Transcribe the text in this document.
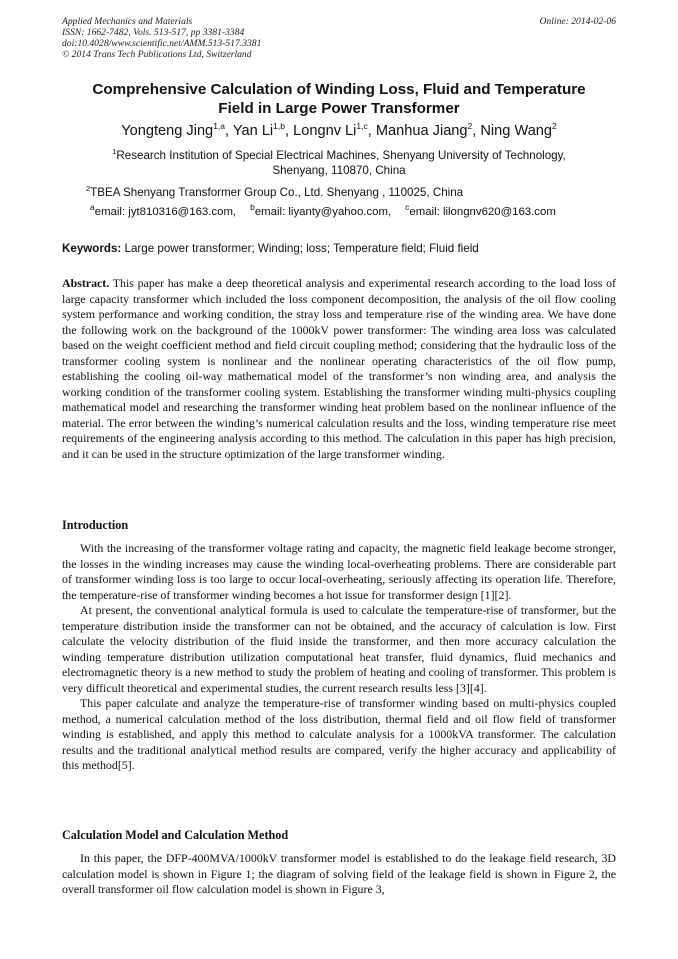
Applied Mechanics and Materials	Online: 2014-02-06
ISSN: 1662-7482, Vols. 513-517, pp 3381-3384
doi:10.4028/www.scientific.net/AMM.513-517.3381
© 2014 Trans Tech Publications Ltd, Switzerland
Comprehensive Calculation of Winding Loss, Fluid and Temperature
Field in Large Power Transformer
Yongteng Jing$^{1,a}$, Yan Li$^{1,b}$, Longnv Li$^{1,c}$, Manhua Jiang$^2$, Ning Wang$^2$
$^1$Research Institution of Special Electrical Machines, Shenyang University of Technology,
Shenyang, 110870, China
$^2$TBEA Shenyang Transformer Group Co., Ltd. Shenyang , 110025, China
$^a$email: jyt810316@163.com, $^b$email: liyanty@yahoo.com, $^c$email: lilongnv620@163.com
Keywords: Large power transformer; Winding; loss; Temperature field; Fluid field
Abstract. This paper has make a deep theoretical analysis and experimental research according to the load loss of large capacity transformer which included the loss component decomposition, the analysis of the oil flow cooling system performance and working condition, the stray loss and temperature rise of the winding area. We have done the following work on the background of the 1000kV power transformer: The winding area loss was calculated based on the weight coefficient method and field circuit coupling method; considering that the hydraulic loss of the transformer cooling system is nonlinear and the nonlinear operating characteristics of the oil flow pump, establishing the cooling oil-way mathematical model of the transformer’s non winding area, and analysis the working condition of the transformer cooling system. Establishing the transformer winding multi-physics coupling mathematical model and researching the transformer winding heat problem based on the nonlinear influence of the material. The error between the winding’s numerical calculation results and the loss, winding temperature rise meet requirements of the engineering analysis according to this method. The calculation in this paper has high precision, and it can be used in the structure optimization of the large transformer winding.
Introduction

With the increasing of the transformer voltage rating and capacity, the magnetic field leakage become stronger, the losses in the winding increases may cause the winding local-overheating problems. There are considerable part of transformer winding loss is too large to occur local-overheating, seriously affecting its operation life. Therefore, the temperature-rise of transformer winding becomes a hot issue for transformer design [1][2].

At present, the conventional analytical formula is used to calculate the temperature-rise of transformer, but the temperature distribution inside the transformer can not be obtained, and the accuracy of calculation is low. First calculate the velocity distribution of the fluid inside the transformer, and then more accuracy calculation the winding temperature distribution utilization computational heat transfer, fluid dynamics, fluid mechanics and electromagnetic theory is a new method to study the problem of heating and cooling of transformer. This problem is very difficult theoretical and experimental studies, the current research results less [3][4].

This paper calculate and analyze the temperature-rise of transformer winding based on multi-physics coupled method, a numerical calculation method of the loss distribution, thermal field and oil flow field of transformer winding is established, and apply this method to calculate analysis for a 1000kVA transformer. The calculation results and the traditional analytical method results are compared, verify the higher accuracy and applicability of this method[5].

Calculation Model and Calculation Method

In this paper, the DFP-400MVA/1000kV transformer model is established to do the leakage field research, 3D calculation model is shown in Figure 1; the diagram of solving field of the leakage field is shown in Figure 2, the overall transformer oil flow calculation model is shown in Figure 3,
